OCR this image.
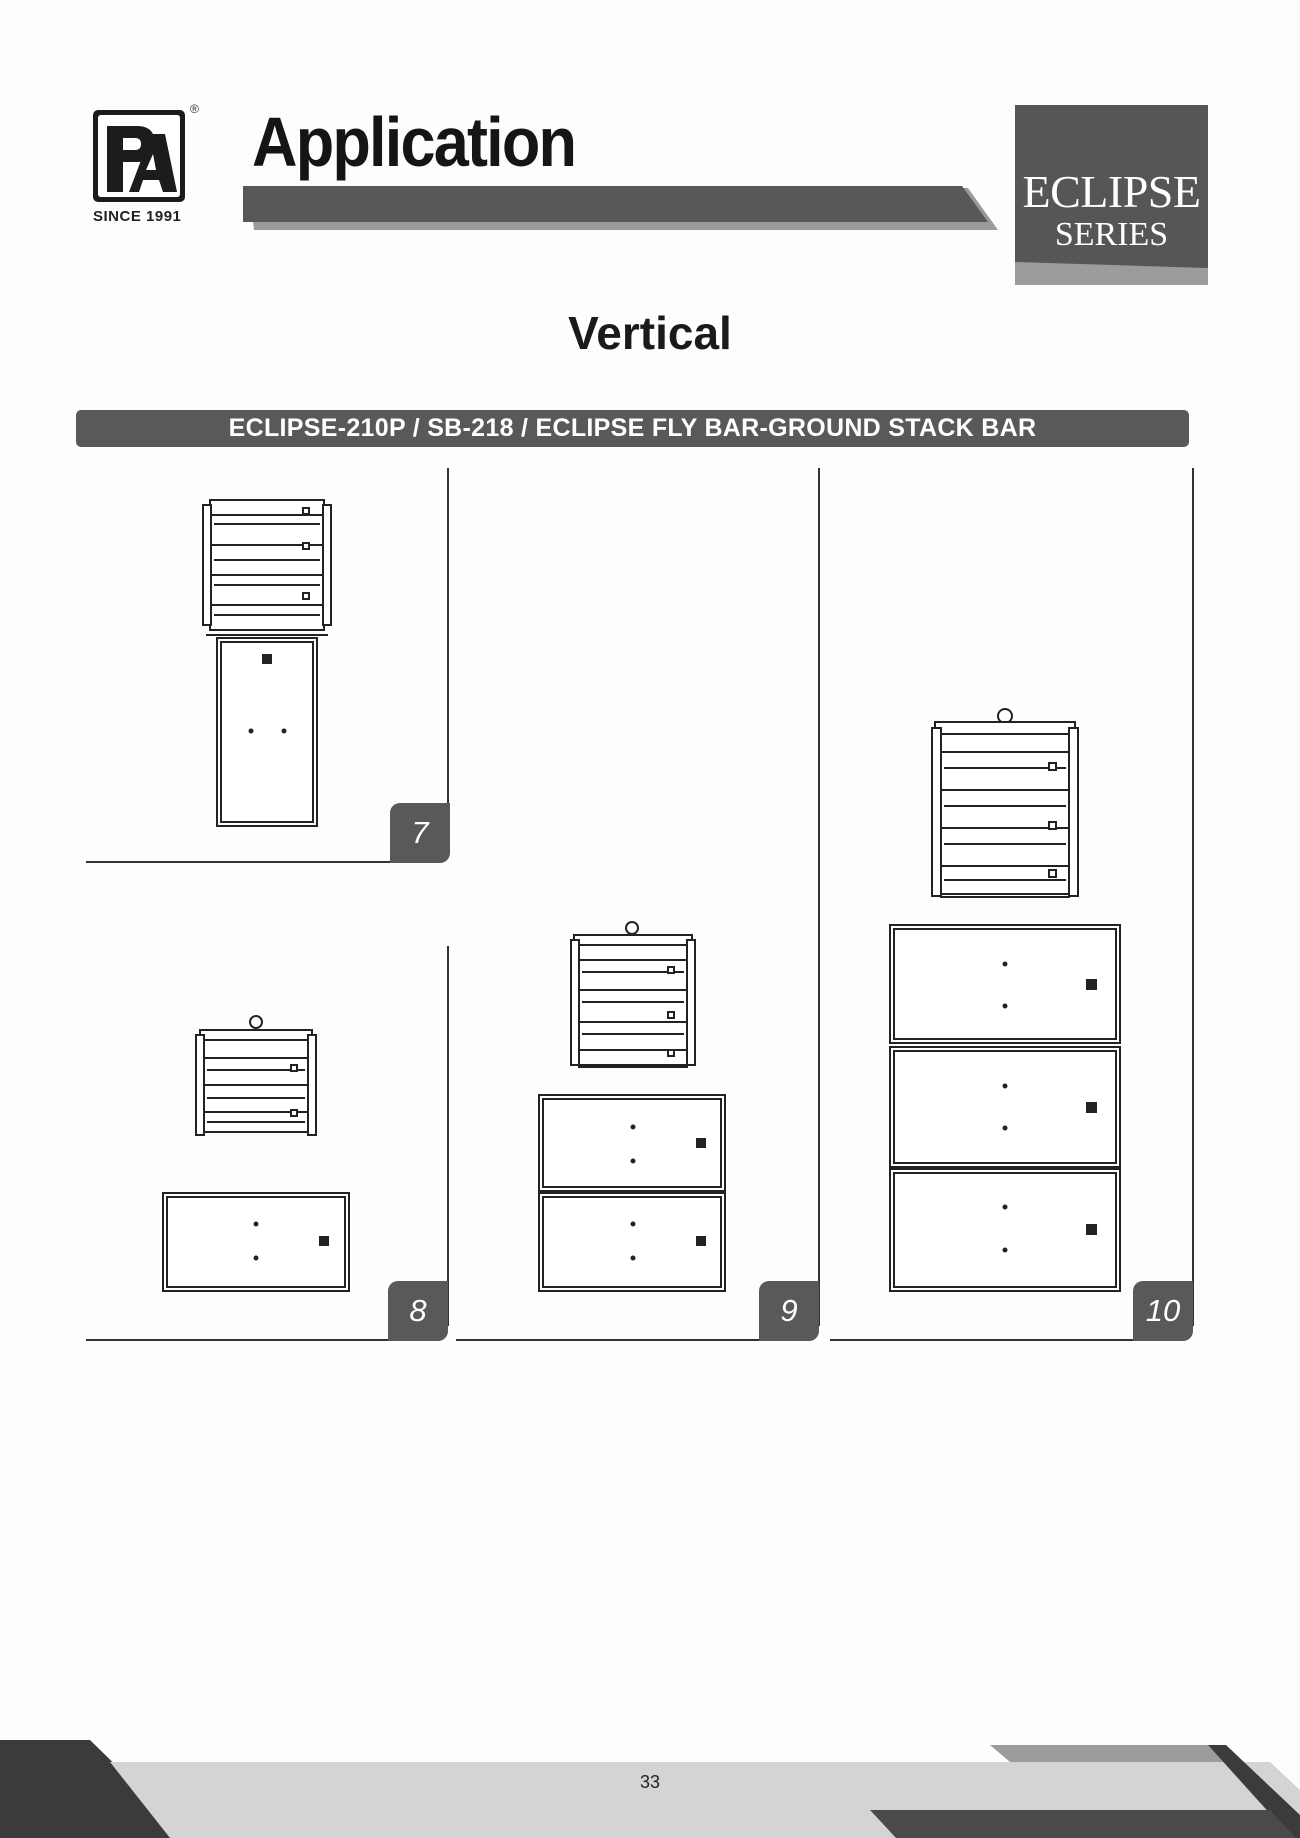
®
SINCE 1991
Application
ECLIPSE
SERIES
Vertical
ECLIPSE-210P / SB-218 / ECLIPSE FLY BAR-GROUND STACK BAR
7
8	9	10
33
